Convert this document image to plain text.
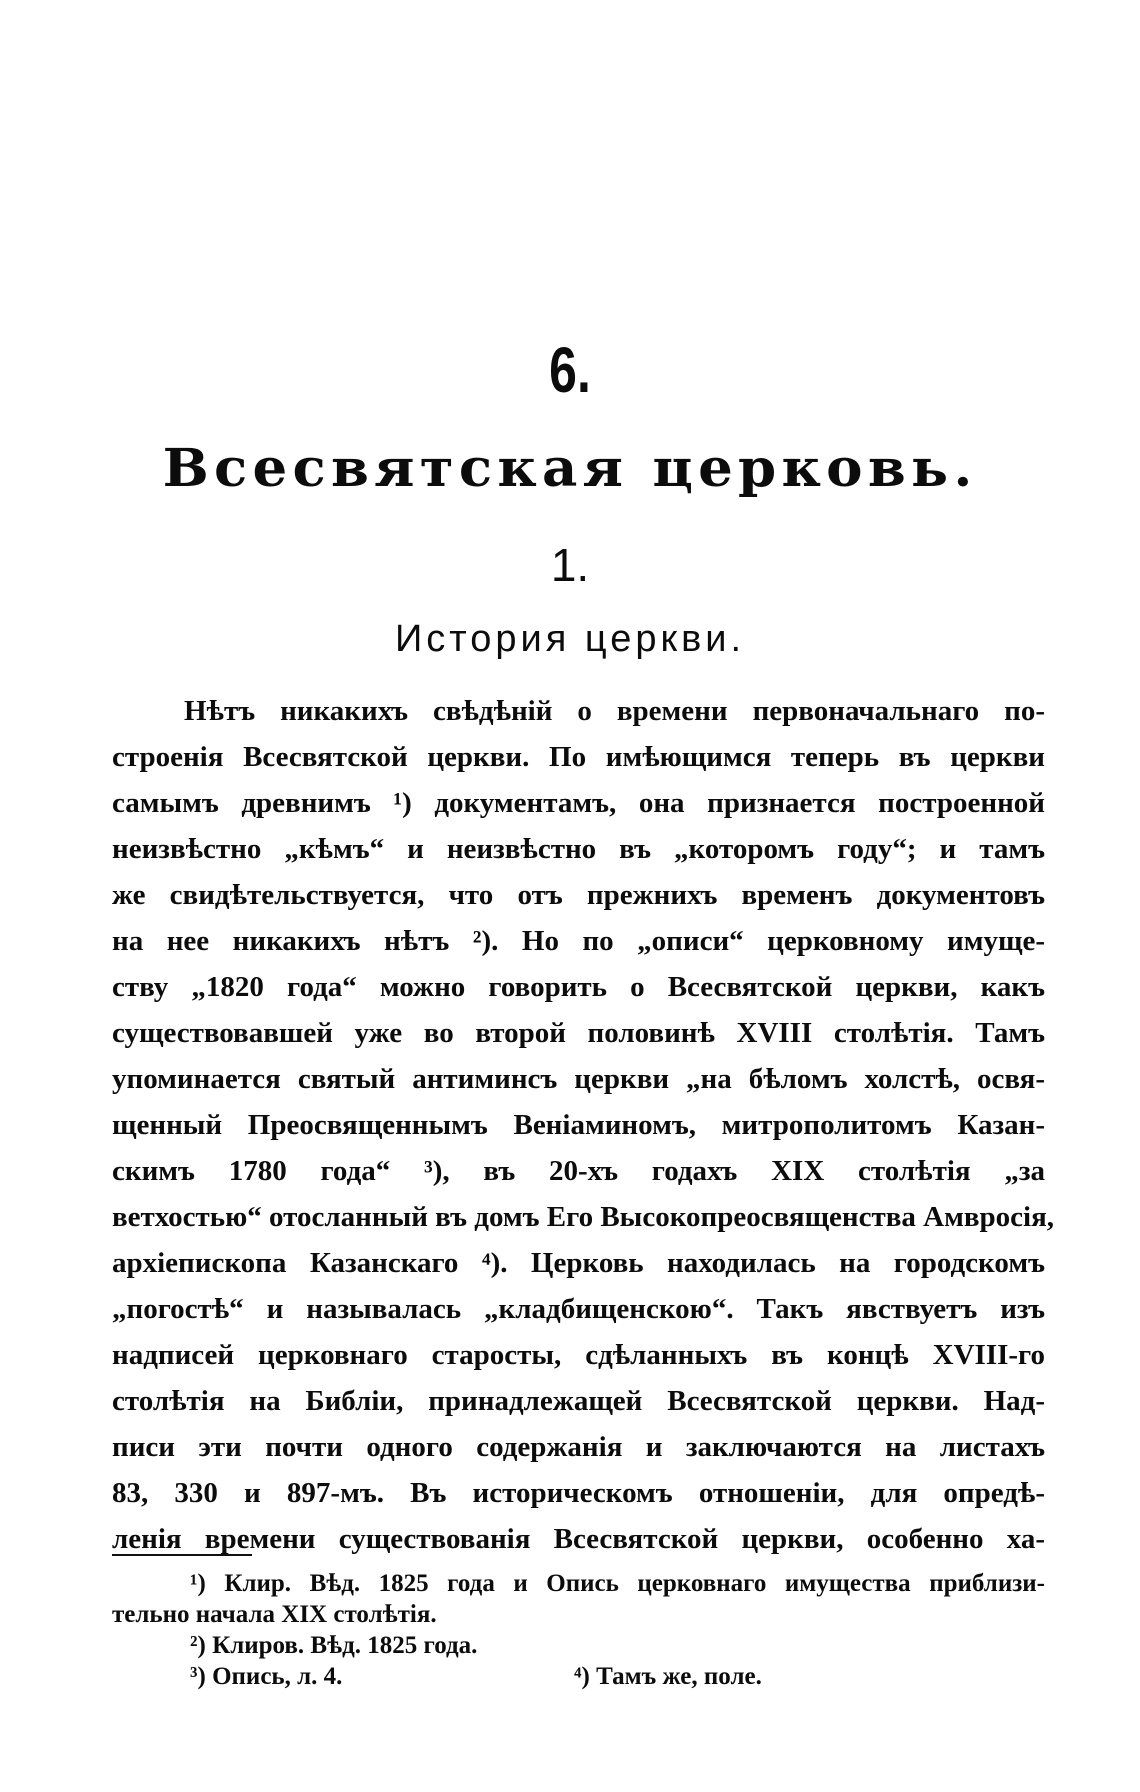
6.
Всесвятская церковь.
1.
История церкви.
Нѣтъ никакихъ свѣдѣній о времени первоначальнаго по-
строенія Всесвятской церкви. По имѣющимся теперь въ церкви
самымъ древнимъ ¹) документамъ, она признается построенной
неизвѣстно „кѣмъ“ и неизвѣстно въ „которомъ году“; и тамъ
же свидѣтельствуется, что отъ прежнихъ временъ документовъ
на нее никакихъ нѣтъ ²). Но по „описи“ церковному имуще-
ству „1820 года“ можно говорить о Всесвятской церкви, какъ
существовавшей уже во второй половинѣ XVIII столѣтія. Тамъ
упоминается святый антиминсъ церкви „на бѣломъ холстѣ, освя-
щенный Преосвященнымъ Веніаминомъ, митрополитомъ Казан-
скимъ 1780 года“ ³), въ 20-хъ годахъ XIX столѣтія „за
ветхостью“ отосланный въ домъ Его Высокопреосвященства Амвросія,
архіепископа Казанскаго ⁴). Церковь находилась на городскомъ
„погостѣ“ и называлась „кладбищенскою“. Такъ явствуетъ изъ
надписей церковнаго старосты, сдѣланныхъ въ концѣ XVIII-го
столѣтія на Библіи, принадлежащей Всесвятской церкви. Над-
писи эти почти одного содержанія и заключаются на листахъ
83, 330 и 897-мъ. Въ историческомъ отношеніи, для опредѣ-
ленія времени существованія Всесвятской церкви, особенно ха-
¹) Клир. Вѣд. 1825 года и Опись церковнаго имущества приблизи-
тельно начала XIX столѣтія.
²) Клиров. Вѣд. 1825 года.
³) Опись, л. 4.	⁴) Тамъ же, поле.
